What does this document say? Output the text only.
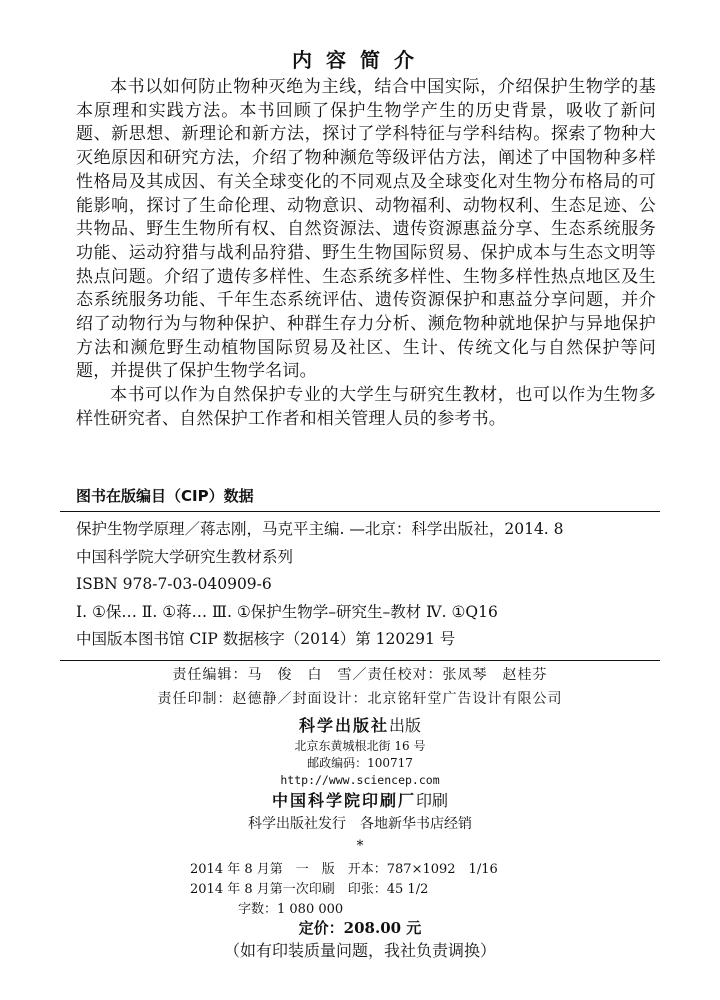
内容简介

本书以如何防止物种灭绝为主线，结合中国实际，介绍保护生物学的基本原理和实践方法。本书回顾了保护生物学产生的历史背景，吸收了新问题、新思想、新理论和新方法，探讨了学科特征与学科结构。探索了物种大灭绝原因和研究方法，介绍了物种濒危等级评估方法，阐述了中国物种多样性格局及其成因、有关全球变化的不同观点及全球变化对生物分布格局的可能影响，探讨了生命伦理、动物意识、动物福利、动物权利、生态足迹、公共物品、野生生物所有权、自然资源法、遗传资源惠益分享、生态系统服务功能、运动狩猎与战利品狩猎、野生生物国际贸易、保护成本与生态文明等热点问题。介绍了遗传多样性、生态系统多样性、生物多样性热点地区及生态系统服务功能、千年生态系统评估、遗传资源保护和惠益分享问题，并介绍了动物行为与物种保护、种群生存力分析、濒危物种就地保护与异地保护方法和濒危野生动植物国际贸易及社区、生计、传统文化与自然保护等问题，并提供了保护生物学名词。

本书可以作为自然保护专业的大学生与研究生教材，也可以作为生物多样性研究者、自然保护工作者和相关管理人员的参考书。

图书在版编目（CIP）数据
保护生物学原理／蒋志刚，马克平主编. —北京：科学出版社，2014. 8
中国科学院大学研究生教材系列
ISBN 978-7-03-040909-6
Ⅰ. ①保… Ⅱ. ①蒋… Ⅲ. ①保护生物学–研究生–教材 Ⅳ. ①Q16
中国版本图书馆 CIP 数据核字（2014）第 120291 号
责任编辑：马　俊　白　雪／责任校对：张凤琴　赵桂芬
责任印制：赵德静／封面设计：北京铭轩堂广告设计有限公司
科学出版社出版
北京东黄城根北街 16 号
邮政编码：100717
http://www.sciencep.com
中国科学院印刷厂印刷
科学出版社发行　各地新华书店经销
*
2014 年 8 月第　一　版　开本：787×1092　1/16
2014 年 8 月第一次印刷　印张：45 1/2
字数：1 080 000
定价：208.00 元
（如有印装质量问题，我社负责调换）
